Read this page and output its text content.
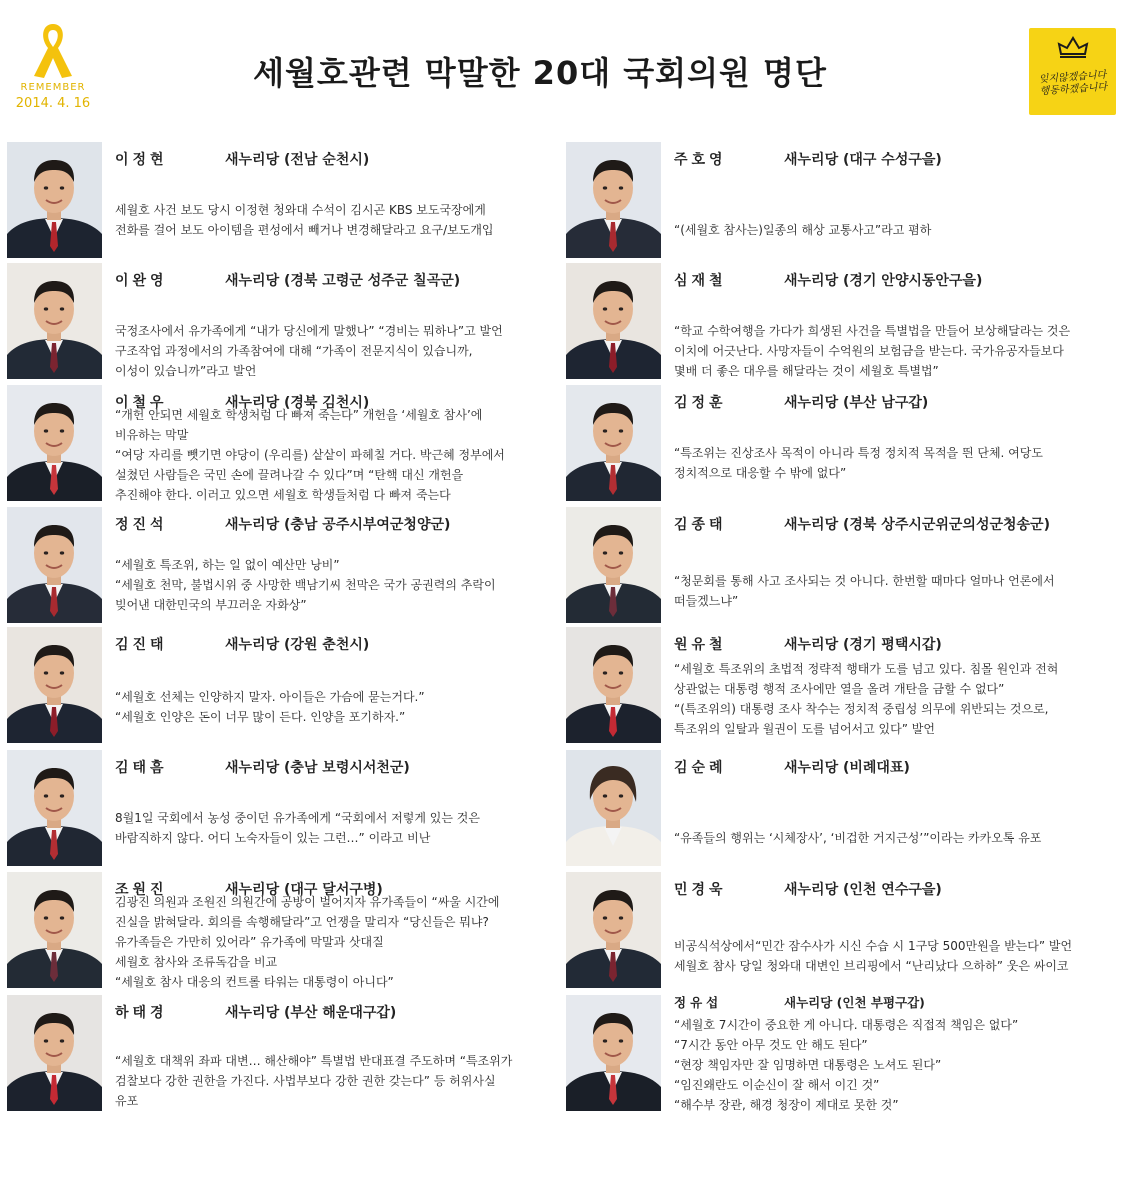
REMEMBER
2014. 4. 16
세월호관련 막말한 20대 국회의원 명단	잊지않겠습니다
행동하겠습니다
이정현	새누리당 (전남 순천시)
세월호 사건 보도 당시 이정현 청와대 수석이 김시곤 KBS 보도국장에게
전화를 걸어 보도 아이템을 편성에서 빼거나 변경해달라고 요구/보도개입
이완영	새누리당 (경북 고령군 성주군 칠곡군)
국정조사에서 유가족에게 “내가 당신에게 말했나” “경비는 뭐하나”고 발언
구조작업 과정에서의 가족참여에 대해 “가족이 전문지식이 있습니까,
이성이 있습니까”라고 발언
이철우	새누리당 (경북 김천시)
“개헌 안되면 세월호 학생처럼 다 빠져 죽는다” 개헌을 ‘세월호 참사’에
비유하는 막말
“여당 자리를 뺏기면 야당이 (우리를) 샅샅이 파헤칠 거다. 박근혜 정부에서
설쳤던 사람들은 국민 손에 끌려나갈 수 있다”며 “탄핵 대신 개헌을
추진해야 한다. 이러고 있으면 세월호 학생들처럼 다 빠져 죽는다
정진석	새누리당 (충남 공주시부여군청양군)
“세월호 특조위, 하는 일 없이 예산만 낭비”
“세월호 천막, 불법시위 중 사망한 백남기씨 천막은 국가 공권력의 추락이
빚어낸 대한민국의 부끄러운 자화상”
김진태	새누리당 (강원 춘천시)
“세월호 선체는 인양하지 말자. 아이들은 가슴에 묻는거다.”
“세월호 인양은 돈이 너무 많이 든다. 인양을 포기하자.”
김태흠	새누리당 (충남 보령시서천군)
8월1일 국회에서 농성 중이던 유가족에게 “국회에서 저렇게 있는 것은
바람직하지 않다. 어디 노숙자들이 있는 그런…” 이라고 비난
조원진	새누리당 (대구 달서구병)
김광진 의원과 조원진 의원간에 공방이 벌어지자 유가족들이 “싸울 시간에
진실을 밝혀달라. 회의를 속행해달라”고 언쟁을 말리자 “당신들은 뭐냐?
유가족들은 가만히 있어라” 유가족에 막말과 삿대질
세월호 참사와 조류독감을 비교
“세월호 참사 대응의 컨트롤 타워는 대통령이 아니다”
하태경	새누리당 (부산 해운대구갑)
“세월호 대책위 좌파 대변… 해산해야” 특별법 반대표결 주도하며 “특조위가
검찰보다 강한 권한을 가진다. 사법부보다 강한 권한 갖는다” 등 허위사실
유포
주호영	새누리당 (대구 수성구을)
“(세월호 참사는)일종의 해상 교통사고”라고 폄하
심재철	새누리당 (경기 안양시동안구을)
“학교 수학여행을 가다가 희생된 사건을 특별법을 만들어 보상해달라는 것은
이치에 어긋난다. 사망자들이 수억원의 보험금을 받는다. 국가유공자들보다
몇배 더 좋은 대우를 해달라는 것이 세월호 특별법”
김정훈	새누리당 (부산 남구갑)
“특조위는 진상조사 목적이 아니라 특정 정치적 목적을 띈 단체. 여당도
정치적으로 대응할 수 밖에 없다”
김종태	새누리당 (경북 상주시군위군의성군청송군)
“청문회를 통해 사고 조사되는 것 아니다. 한번할 때마다 얼마나 언론에서
떠들겠느냐”
원유철	새누리당 (경기 평택시갑)
“세월호 특조위의 초법적 정략적 행태가 도를 넘고 있다. 침몰 원인과 전혀
상관없는 대통령 행적 조사에만 열을 올려 개탄을 금할 수 없다”
“(특조위의) 대통령 조사 착수는 정치적 중립성 의무에 위반되는 것으로,
특조위의 일탈과 월권이 도를 넘어서고 있다” 발언
김순례	새누리당 (비례대표)
“유족들의 행위는 ‘시체장사’, ‘비겁한 거지근성’”이라는 카카오톡 유포
민경욱	새누리당 (인천 연수구을)
비공식석상에서“민간 잠수사가 시신 수습 시 1구당 500만원을 받는다” 발언
세월호 참사 당일 청와대 대변인 브리핑에서 “난리났다 으하하” 웃은 싸이코
정유섭	새누리당 (인천 부평구갑)
“세월호 7시간이 중요한 게 아니다. 대통령은 직접적 책임은 없다”
“7시간 동안 아무 것도 안 해도 된다”
“현장 책임자만 잘 임명하면 대통령은 노셔도 된다”
“임진왜란도 이순신이 잘 해서 이긴 것”
“해수부 장관, 해경 청장이 제대로 못한 것”
